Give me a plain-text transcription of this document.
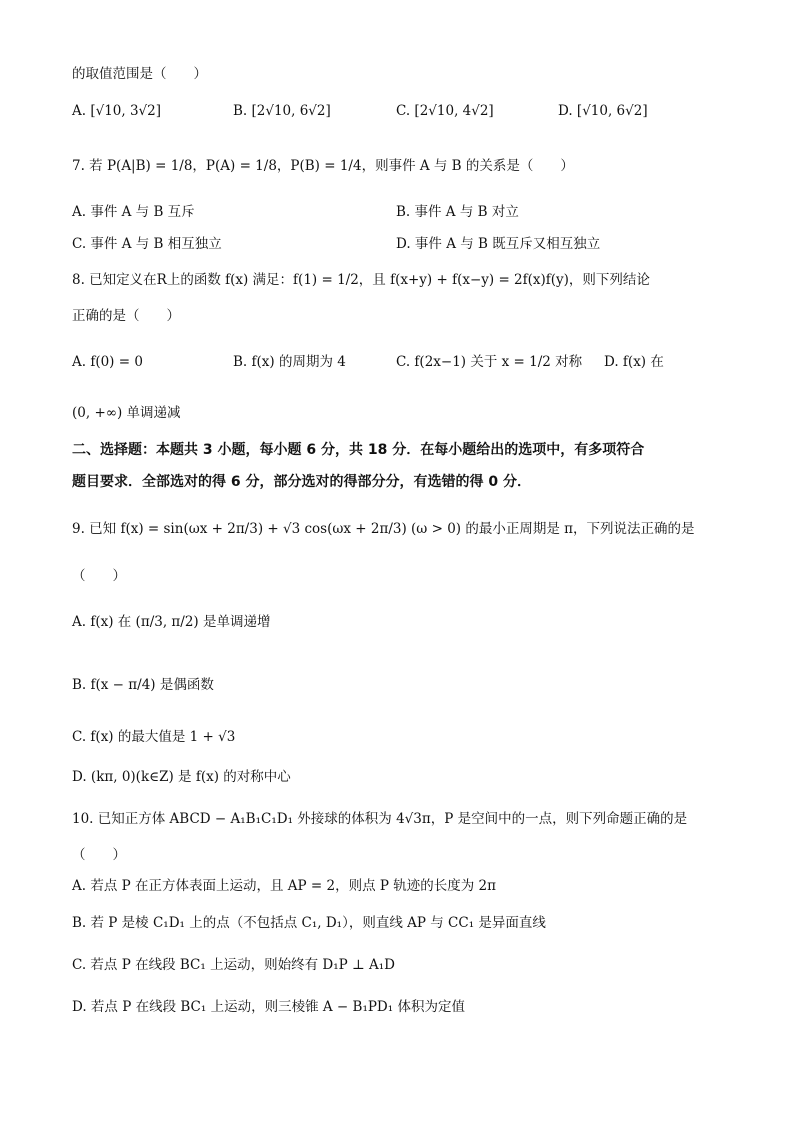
的取值范围是（　　）
A. [√10, 3√2]	B. [2√10, 6√2]	C. [2√10, 4√2]	D. [√10, 6√2]
7. 若 P(A|B) = 1/8，P(A) = 1/8，P(B) = 1/4，则事件 A 与 B 的关系是（　　）
A. 事件 A 与 B 互斥	B. 事件 A 与 B 对立
C. 事件 A 与 B 相互独立	D. 事件 A 与 B 既互斥又相互独立
8. 已知定义在R上的函数 f(x) 满足：f(1) = 1/2，且 f(x+y) + f(x−y) = 2f(x)f(y)，则下列结论
正确的是（　　）
A. f(0) = 0	B. f(x) 的周期为 4	C. f(2x−1) 关于 x = 1/2 对称 D. f(x) 在
(0, +∞) 单调递减
二、选择题：本题共 3 小题，每小题 6 分，共 18 分．在每小题给出的选项中，有多项符合
题目要求．全部选对的得 6 分，部分选对的得部分分，有选错的得 0 分．
9. 已知 f(x) = sin(ωx + 2π/3) + √3 cos(ωx + 2π/3) (ω > 0) 的最小正周期是 π，下列说法正确的是
（　　）
A. f(x) 在 (π/3, π/2) 是单调递增
B. f(x − π/4) 是偶函数
C. f(x) 的最大值是 1 + √3
D. (kπ, 0)(k∈Z) 是 f(x) 的对称中心
10. 已知正方体 ABCD − A₁B₁C₁D₁ 外接球的体积为 4√3π，P 是空间中的一点，则下列命题正确的是
（　　）
A. 若点 P 在正方体表面上运动，且 AP = 2，则点 P 轨迹的长度为 2π
B. 若 P 是棱 C₁D₁ 上的点（不包括点 C₁, D₁），则直线 AP 与 CC₁ 是异面直线
C. 若点 P 在线段 BC₁ 上运动，则始终有 D₁P ⊥ A₁D
D. 若点 P 在线段 BC₁ 上运动，则三棱锥 A − B₁PD₁ 体积为定值
